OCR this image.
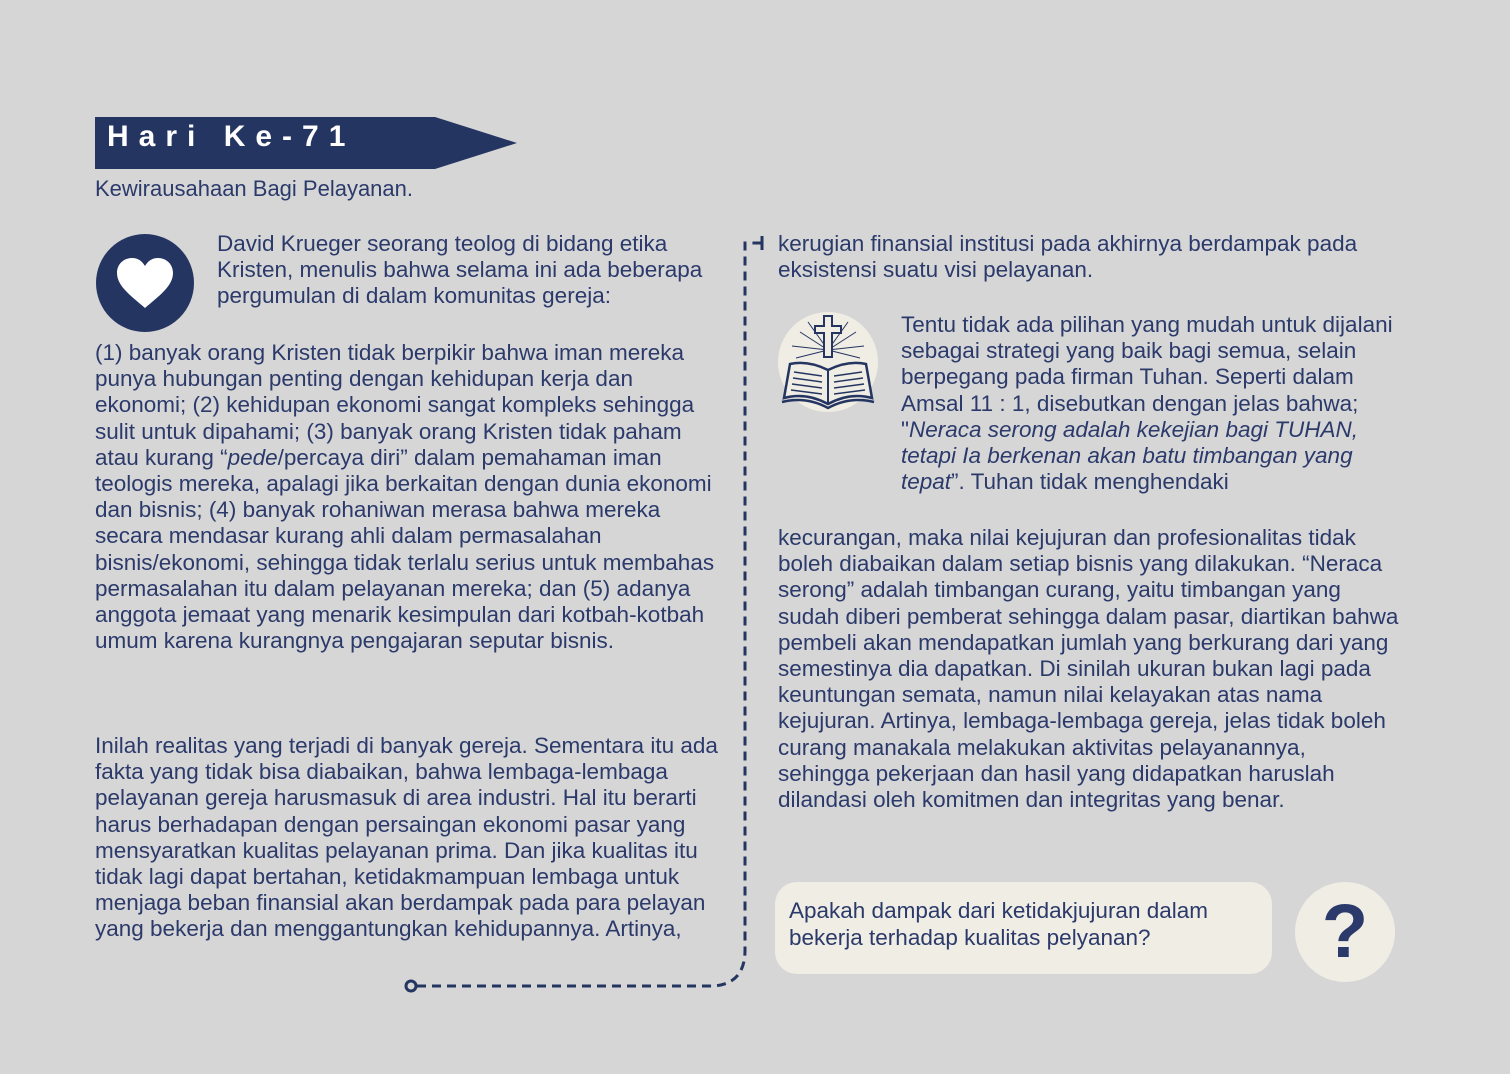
Hari Ke-71
Kewirausahaan Bagi Pelayanan.

David Krueger seorang teolog di bidang etika Kristen, menulis bahwa selama ini ada beberapa pergumulan di dalam komunitas gereja:

(1) banyak orang Kristen tidak berpikir bahwa iman mereka punya hubungan penting dengan kehidupan kerja dan ekonomi; (2) kehidupan ekonomi sangat kompleks sehingga sulit untuk dipahami; (3) banyak orang Kristen tidak paham atau kurang “pede/percaya diri” dalam pemahaman iman teologis mereka, apalagi jika berkaitan dengan dunia ekonomi dan bisnis; (4) banyak rohaniwan merasa bahwa mereka secara mendasar kurang ahli dalam permasalahan bisnis/ekonomi, sehingga tidak terlalu serius untuk membahas permasalahan itu dalam pelayanan mereka; dan (5) adanya anggota jemaat yang menarik kesimpulan dari kotbah-kotbah umum karena kurangnya pengajaran seputar bisnis.

Inilah realitas yang terjadi di banyak gereja. Sementara itu ada fakta yang tidak bisa diabaikan, bahwa lembaga-lembaga pelayanan gereja harusmasuk di area industri. Hal itu berarti harus berhadapan dengan persaingan ekonomi pasar yang mensyaratkan kualitas pelayanan prima. Dan jika kualitas itu tidak lagi dapat bertahan, ketidakmampuan lembaga untuk menjaga beban finansial akan berdampak pada para pelayan yang bekerja dan menggantungkan kehidupannya. Artinya,

kerugian finansial institusi pada akhirnya berdampak pada eksistensi suatu visi pelayanan.

Tentu tidak ada pilihan yang mudah untuk dijalani sebagai strategi yang baik bagi semua, selain berpegang pada firman Tuhan. Seperti dalam Amsal 11 : 1, disebutkan dengan jelas bahwa; "Neraca serong adalah kekejian bagi TUHAN, tetapi Ia berkenan akan batu timbangan yang tepat”. Tuhan tidak menghendaki

kecurangan, maka nilai kejujuran dan profesionalitas tidak boleh diabaikan dalam setiap bisnis yang dilakukan. “Neraca serong” adalah timbangan curang, yaitu timbangan yang sudah diberi pemberat sehingga dalam pasar, diartikan bahwa pembeli akan mendapatkan jumlah yang berkurang dari yang semestinya dia dapatkan. Di sinilah ukuran bukan lagi pada keuntungan semata, namun nilai kelayakan atas nama kejujuran. Artinya, lembaga-lembaga gereja, jelas tidak boleh curang manakala melakukan aktivitas pelayanannya, sehingga pekerjaan dan hasil yang didapatkan haruslah dilandasi oleh komitmen dan integritas yang benar.

Apakah dampak dari ketidakjujuran dalam bekerja terhadap kualitas pelyanan?	?
